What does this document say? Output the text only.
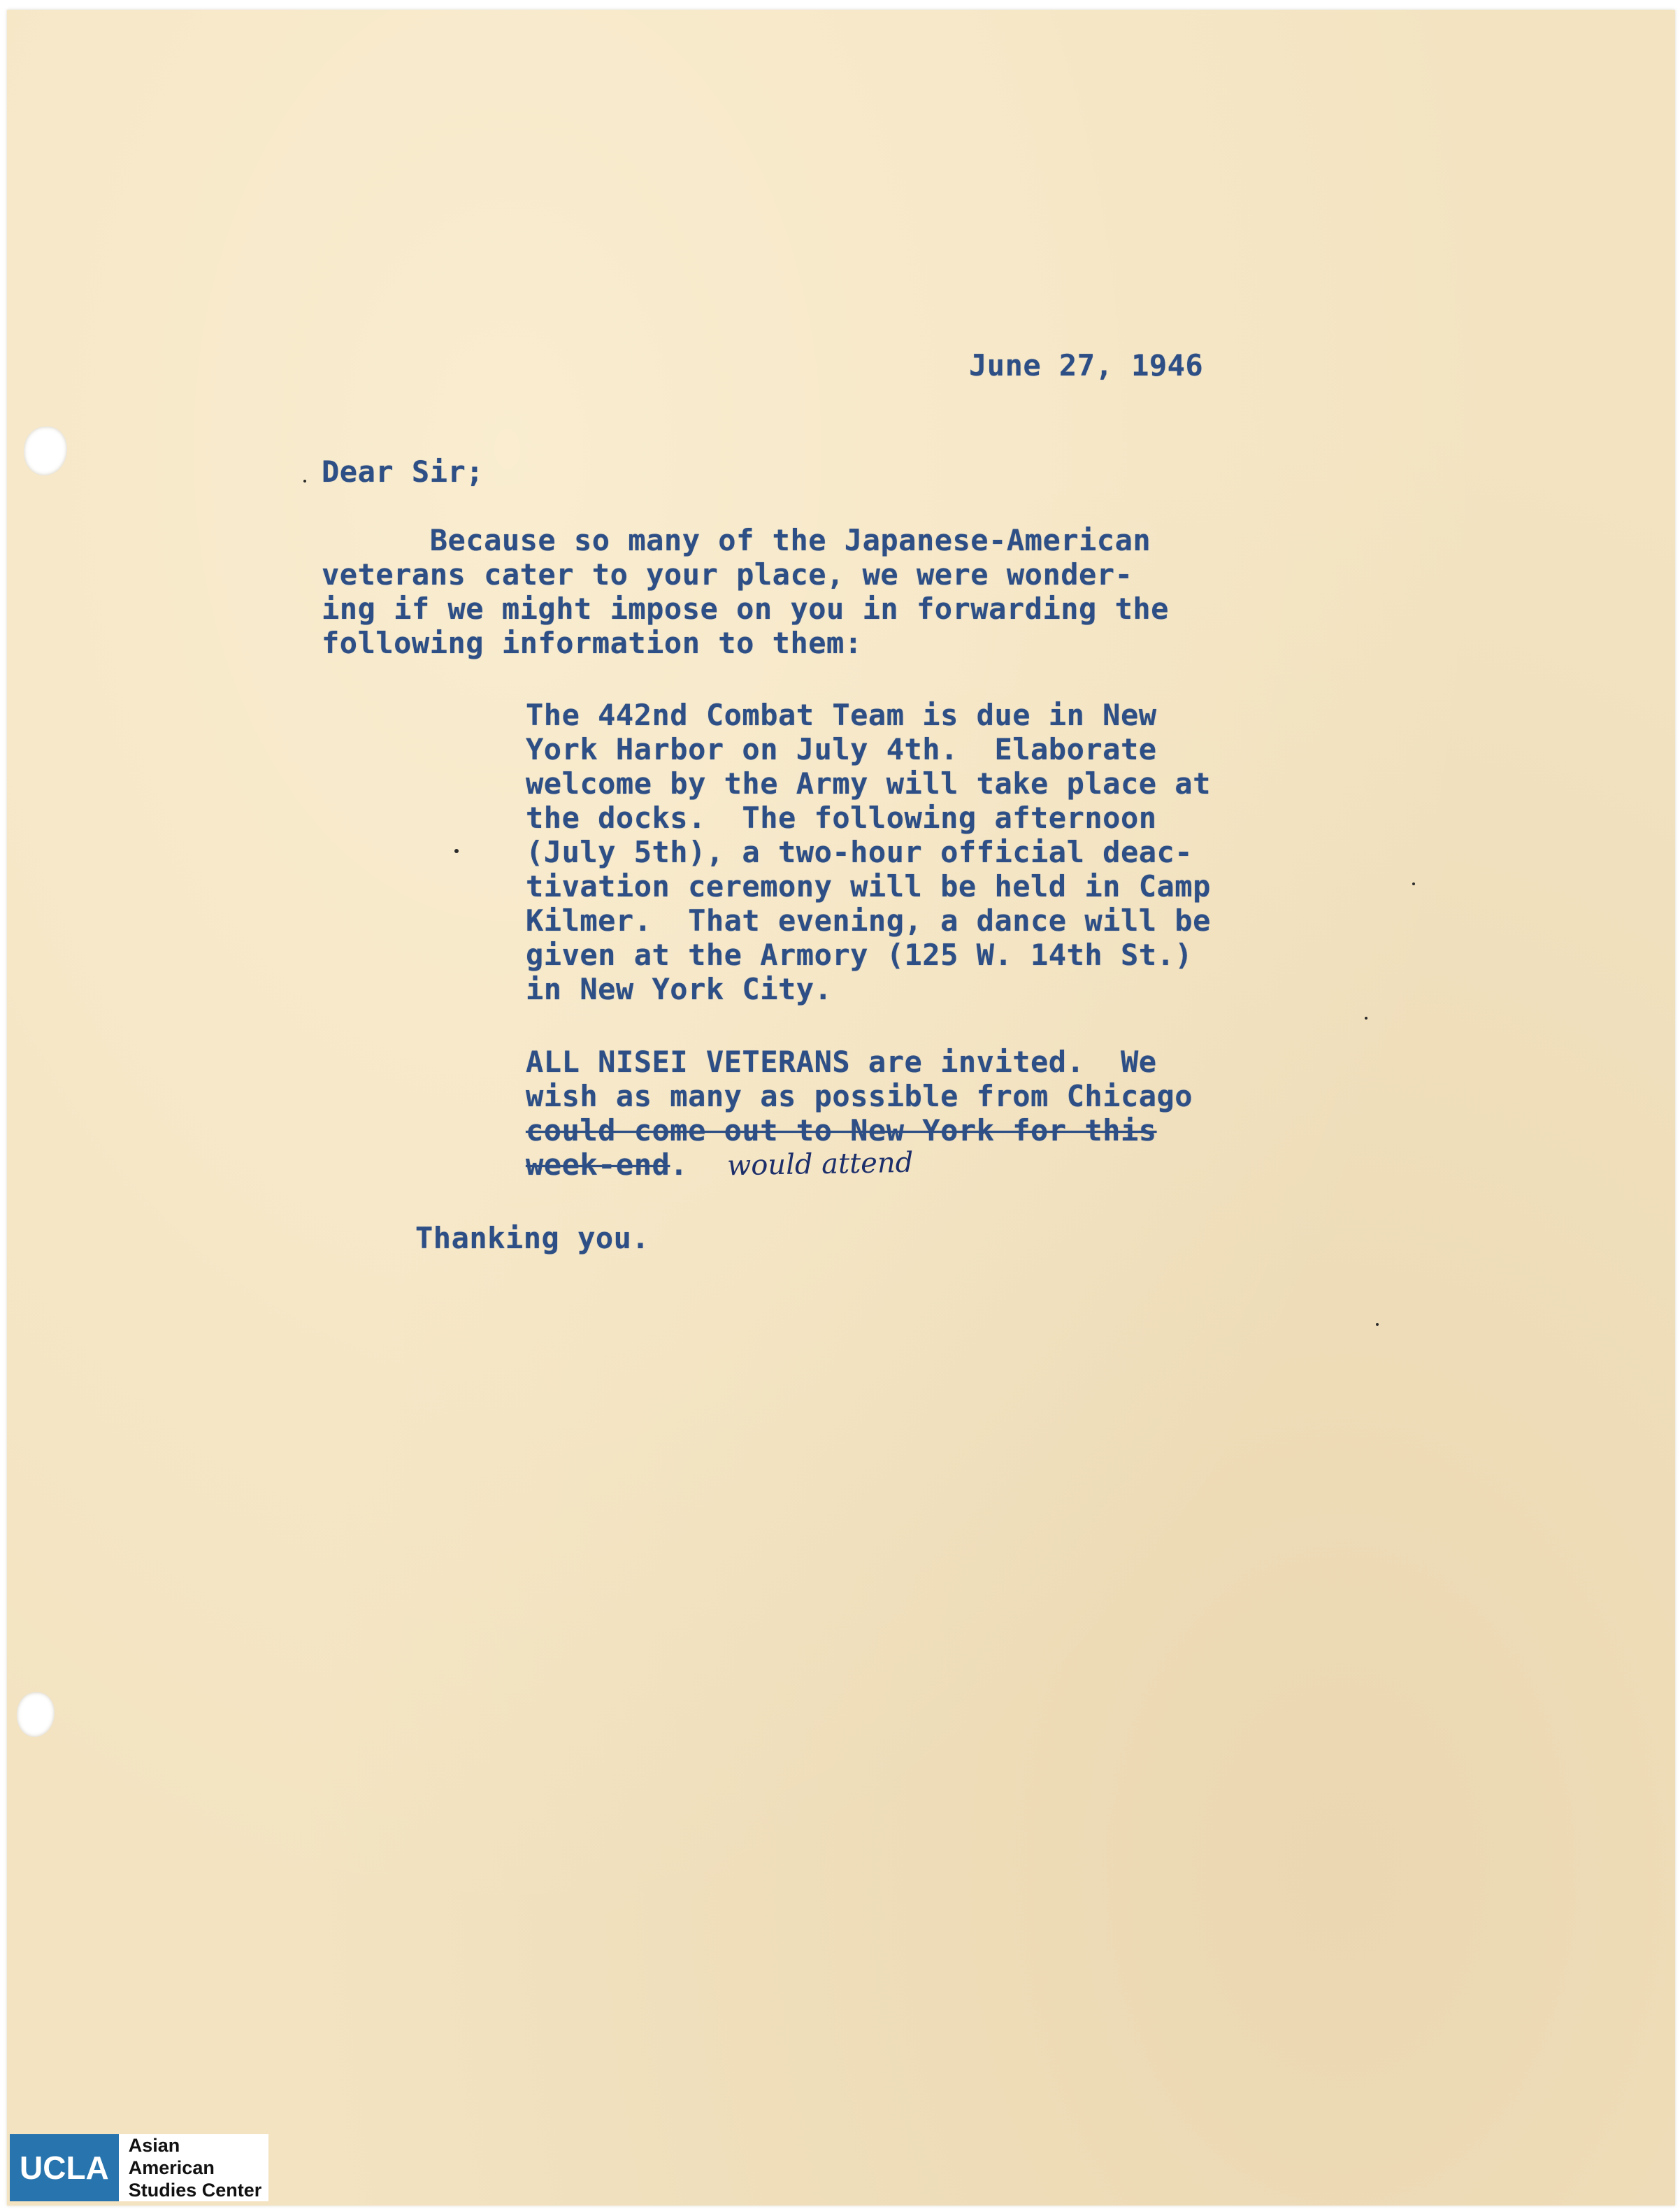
June 27, 1946
Dear Sir;
Because so many of the Japanese-American
veterans cater to your place, we were wonder-
ing if we might impose on you in forwarding the
following information to them:
The 442nd Combat Team is due in New
York Harbor on July 4th.  Elaborate
welcome by the Army will take place at
the docks.  The following afternoon
(July 5th), a two-hour official deac-
tivation ceremony will be held in Camp
Kilmer.  That evening, a dance will be
given at the Armory (125 W. 14th St.)
in New York City.
ALL NISEI VETERANS are invited.  We
wish as many as possible from Chicago
could come out to New York for this
week-end. would attend
Thanking you.
UCLA
Asian American
Studies Center
